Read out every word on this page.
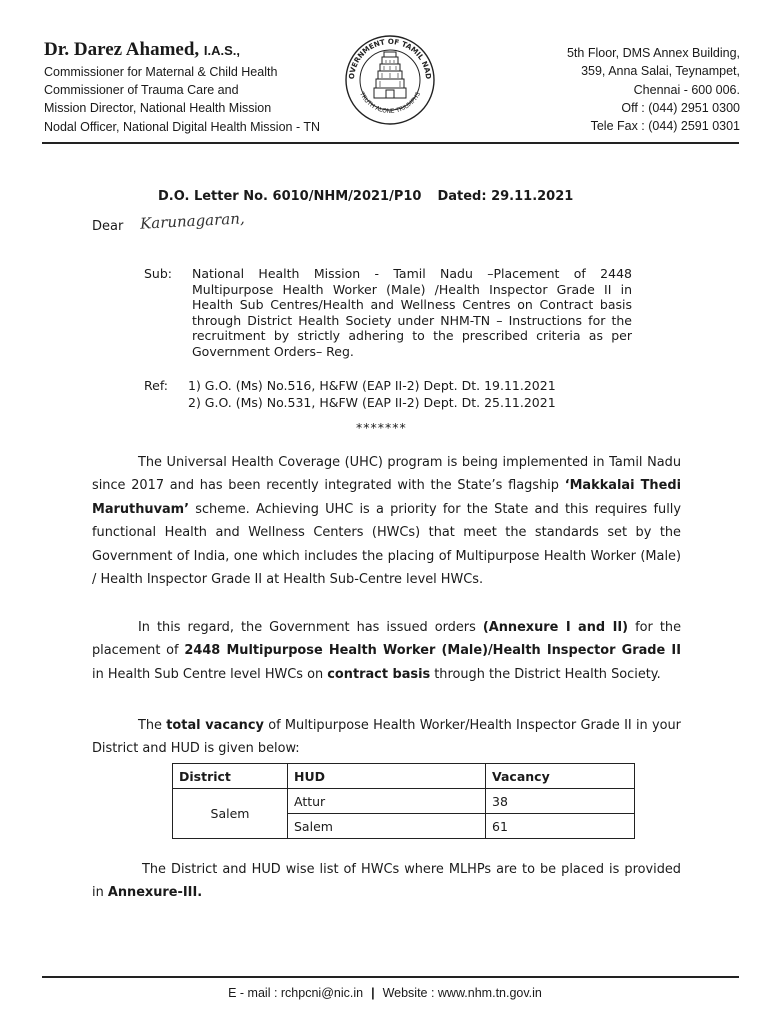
Dr. Darez Ahamed, I.A.S.,
Commissioner for Maternal & Child Health
Commissioner of Trauma Care and
Mission Director, National Health Mission
Nodal Officer, National Digital Health Mission - TN
OVERNMENT OF TAMIL NAD
TRUTH ALONE TRIUMPHS
5th Floor, DMS Annex Building,
359, Anna Salai, Teynampet,
Chennai - 600 006.
Off : (044) 2951 0300
Tele Fax : (044) 2591 0301
D.O. Letter No. 6010/NHM/2021/P10 Dated: 29.11.2021
Dear Karunagaran,
Sub: National Health Mission - Tamil Nadu –Placement of 2448 Multipurpose Health Worker (Male) /Health Inspector Grade II in Health Sub Centres/Health and Wellness Centres on Contract basis through District Health Society under NHM-TN – Instructions for the recruitment by strictly adhering to the prescribed criteria as per Government Orders– Reg.
Ref: 1) G.O. (Ms) No.516, H&FW (EAP II-2) Dept. Dt. 19.11.2021
2) G.O. (Ms) No.531, H&FW (EAP II-2) Dept. Dt. 25.11.2021
*******
The Universal Health Coverage (UHC) program is being implemented in Tamil Nadu since 2017 and has been recently integrated with the State’s flagship ‘Makkalai Thedi Maruthuvam’ scheme. Achieving UHC is a priority for the State and this requires fully functional Health and Wellness Centers (HWCs) that meet the standards set by the Government of India, one which includes the placing of Multipurpose Health Worker (Male) / Health Inspector Grade II at Health Sub-Centre level HWCs.
In this regard, the Government has issued orders (Annexure I and II) for the placement of 2448 Multipurpose Health Worker (Male)/Health Inspector Grade II in Health Sub Centre level HWCs on contract basis through the District Health Society.
The total vacancy of Multipurpose Health Worker/Health Inspector Grade II in your District and HUD is given below:
District	HUD	Vacancy
Salem	Attur	38
	Salem	61
The District and HUD wise list of HWCs where MLHPs are to be placed is provided in Annexure-III.
E - mail : rchpcni@nic.in | Website : www.nhm.tn.gov.in
